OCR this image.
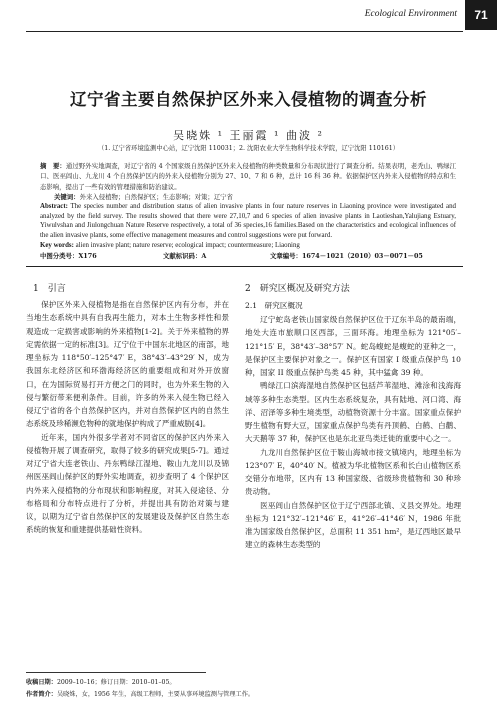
Ecological Environment	71
辽宁省主要自然保护区外来入侵植物的调查分析
吴晓姝 ¹ 王丽霞 ¹ 曲波 ²
（1. 辽宁省环境监测中心站，辽宁沈阳 110031；2. 沈阳农业大学生物科学技术学院，辽宁沈阳 110161）
摘　要：通过野外实地调查，对辽宁省的 4 个国家级自然保护区外来入侵植物的种类数量和分布现状进行了调查分析。结果表明，老秃山、鸭绿江口、医巫闾山、九龙川 4 个自然保护区内的外来入侵植物分别为 27、10、7 和 6 种，总计 16 科 36 种。依据保护区内外来入侵植物的特点和生态影响，提出了一些有效的管理措施和防治建议。
关键词：外来入侵植物；自然保护区；生态影响；对策；辽宁省
Abstract: The species number and distribution status of alien invasive plants in four nature reserves in Liaoning province were investigated and analyzed by the field survey. The results showed that there were 27,10,7 and 6 species of alien invasive plants in Laotieshan,Yalujiang Estuary, Yiwulvshan and Jiulongchuan Nature Reserve respectively, a total of 36 species,16 families.Based on the characteristics and ecological influences of the alien invasive plants, some effective management measures and control suggestions were put forward.
Key words: alien invasive plant; nature reserve; ecological impact; countermeasure; Liaoning
中图分类号：X176	文献标识码：A	文章编号：1674－1021（2010）03－0071－05
1　引言

保护区外来入侵植物是指在自然保护区内有分布，并在当地生态系统中具有自我再生能力，对本土生物多样性和景观造成一定损害或影响的外来植物[1-2]。关于外来植物的界定需依据一定的标准[3]。辽宁位于中国东北地区的南部，地理坐标为 118°50′–125°47′ E，38°43′–43°29′ N，成为我国东北经济区和环渤海经济区的重要组成和对外开放窗口，在为国际贸易打开方便之门的同时，也为外来生物的入侵与繁衍带来便利条件。目前，许多的外来入侵生物已经入侵辽宁省的各个自然保护区内，并对自然保护区内的自然生态系统及珍稀濒危物种的就地保护构成了严重威胁[4]。

近年来，国内外很多学者对不同省区的保护区内外来入侵植物开展了调查研究，取得了较多的研究成果[5-7]。通过对辽宁省大连老铁山、丹东鸭绿江湿地、鞍山九龙川以及锦州医巫闾山保护区的野外实地调查，初步查明了 4 个保护区内外来入侵植物的分布现状和影响程度，对其入侵途径、分布格局和分布特点进行了分析，并提出具有防治对策与建议，以期为辽宁省自然保护区的发展建设及保护区自然生态系统的恢复和重建提供基础性资料。

2　研究区概况及研究方法
2.1　研究区概况

辽宁蛇岛老铁山国家级自然保护区位于辽东半岛的最南端，地处大连市旅顺口区西部，三面环海。地理坐标为 121°05′–121°15′ E，38°43′–38°57′ N。蛇岛蝮蛇是蝮蛇的亚种之一，是保护区主要保护对象之一。保护区有国家 I 级重点保护鸟 10 种，国家 II 级重点保护鸟类 45 种，其中猛禽 39 种。

鸭绿江口滨海湿地自然保护区包括芦苇湿地、滩涂和浅海海域等多种生态类型。区内生态系统复杂，具有陆地、河口湾、海洋、沼泽等多种生境类型，动植物资源十分丰富。国家重点保护野生植物有野大豆，国家重点保护鸟类有丹顶鹤、白鹤、白鹳、大天鹅等 37 种，保护区也是东北亚鸟类迁徙的重要中心之一。

九龙川自然保护区位于鞍山海城市接文镇境内，地理坐标为 123°07′ E，40°40′ N。植被为华北植物区系和长白山植物区系交错分布地带，区内有 13 种国家级、省级珍贵植物和 30 种珍贵动物。

医巫闾山自然保护区位于辽宁西部北镇、义县交界处。地理坐标为 121°32′–121°46′ E，41°26′–41°46′ N，1986 年批准为国家级自然保护区，总面积 11 351 hm²，是辽西地区最早建立的森林生态类型的

收稿日期：2009–10–16；修订日期：2010–01–05。
作者简介：吴晓姝，女，1956 年生，高级工程师，主要从事环境监测与管理工作。
